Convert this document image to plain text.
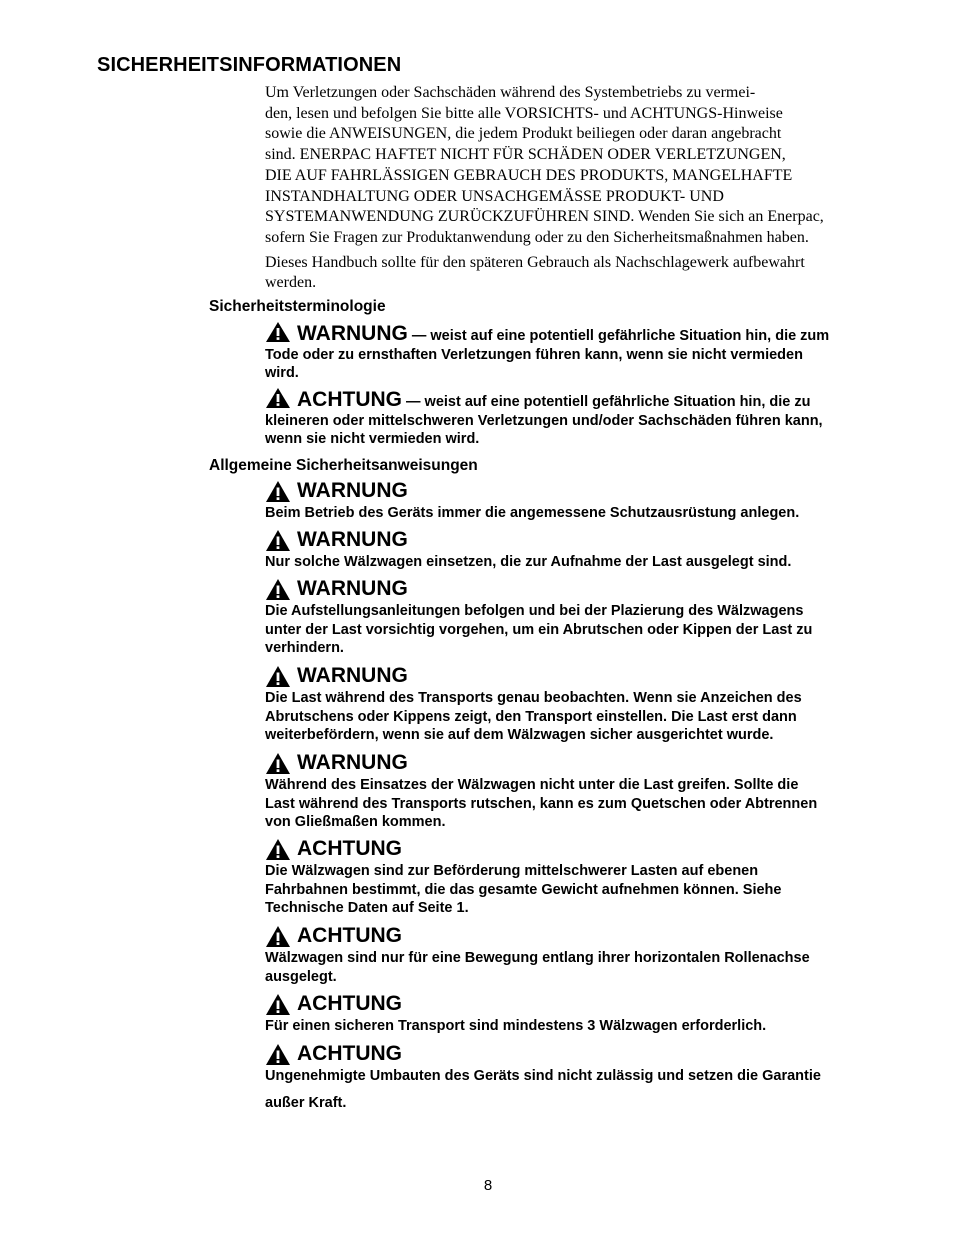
SICHERHEITSINFORMATIONEN

Um Verletzungen oder Sachschäden während des Systembetriebs zu vermei-
den, lesen und befolgen Sie bitte alle VORSICHTS- und ACHTUNGS-Hinweise
sowie die ANWEISUNGEN, die jedem Produkt beiliegen oder daran angebracht
sind. ENERPAC HAFTET NICHT FÜR SCHÄDEN ODER VERLETZUNGEN,
DIE AUF FAHRLÄSSIGEN GEBRAUCH DES PRODUKTS, MANGELHAFTE
INSTANDHALTUNG ODER UNSACHGEMÄSSE PRODUKT- UND
SYSTEMANWENDUNG ZURÜCKZUFÜHREN SIND. Wenden Sie sich an Enerpac,
sofern Sie Fragen zur Produktanwendung oder zu den Sicherheitsmaßnahmen haben.

Dieses Handbuch sollte für den späteren Gebrauch als Nachschlagewerk aufbewahrt
werden.

Sicherheitsterminologie
WARNUNG — weist auf eine potentiell gefährliche Situation hin, die zum
Tode oder zu ernsthaften Verletzungen führen kann, wenn sie nicht vermieden
wird.
ACHTUNG — weist auf eine potentiell gefährliche Situation hin, die zu
kleineren oder mittelschweren Verletzungen und/oder Sachschäden führen kann,
wenn sie nicht vermieden wird.
Allgemeine Sicherheitsanweisungen
WARNUNG
Beim Betrieb des Geräts immer die angemessene Schutzausrüstung anlegen.
WARNUNG
Nur solche Wälzwagen einsetzen, die zur Aufnahme der Last ausgelegt sind.
WARNUNG
Die Aufstellungsanleitungen befolgen und bei der Plazierung des Wälzwagens
unter der Last vorsichtig vorgehen, um ein Abrutschen oder Kippen der Last zu
verhindern.
WARNUNG
Die Last während des Transports genau beobachten. Wenn sie Anzeichen des
Abrutschens oder Kippens zeigt, den Transport einstellen. Die Last erst dann
weiterbefördern, wenn sie auf dem Wälzwagen sicher ausgerichtet wurde.
WARNUNG
Während des Einsatzes der Wälzwagen nicht unter die Last greifen. Sollte die
Last während des Transports rutschen, kann es zum Quetschen oder Abtrennen
von Gließmaßen kommen.
ACHTUNG
Die Wälzwagen sind zur Beförderung mittelschwerer Lasten auf ebenen
Fahrbahnen bestimmt, die das gesamte Gewicht aufnehmen können. Siehe
Technische Daten auf Seite 1.
ACHTUNG
Wälzwagen sind nur für eine Bewegung entlang ihrer horizontalen Rollenachse
ausgelegt.
ACHTUNG
Für einen sicheren Transport sind mindestens 3 Wälzwagen erforderlich.
ACHTUNG
Ungenehmigte Umbauten des Geräts sind nicht zulässig und setzen die Garantie
außer Kraft.
8
